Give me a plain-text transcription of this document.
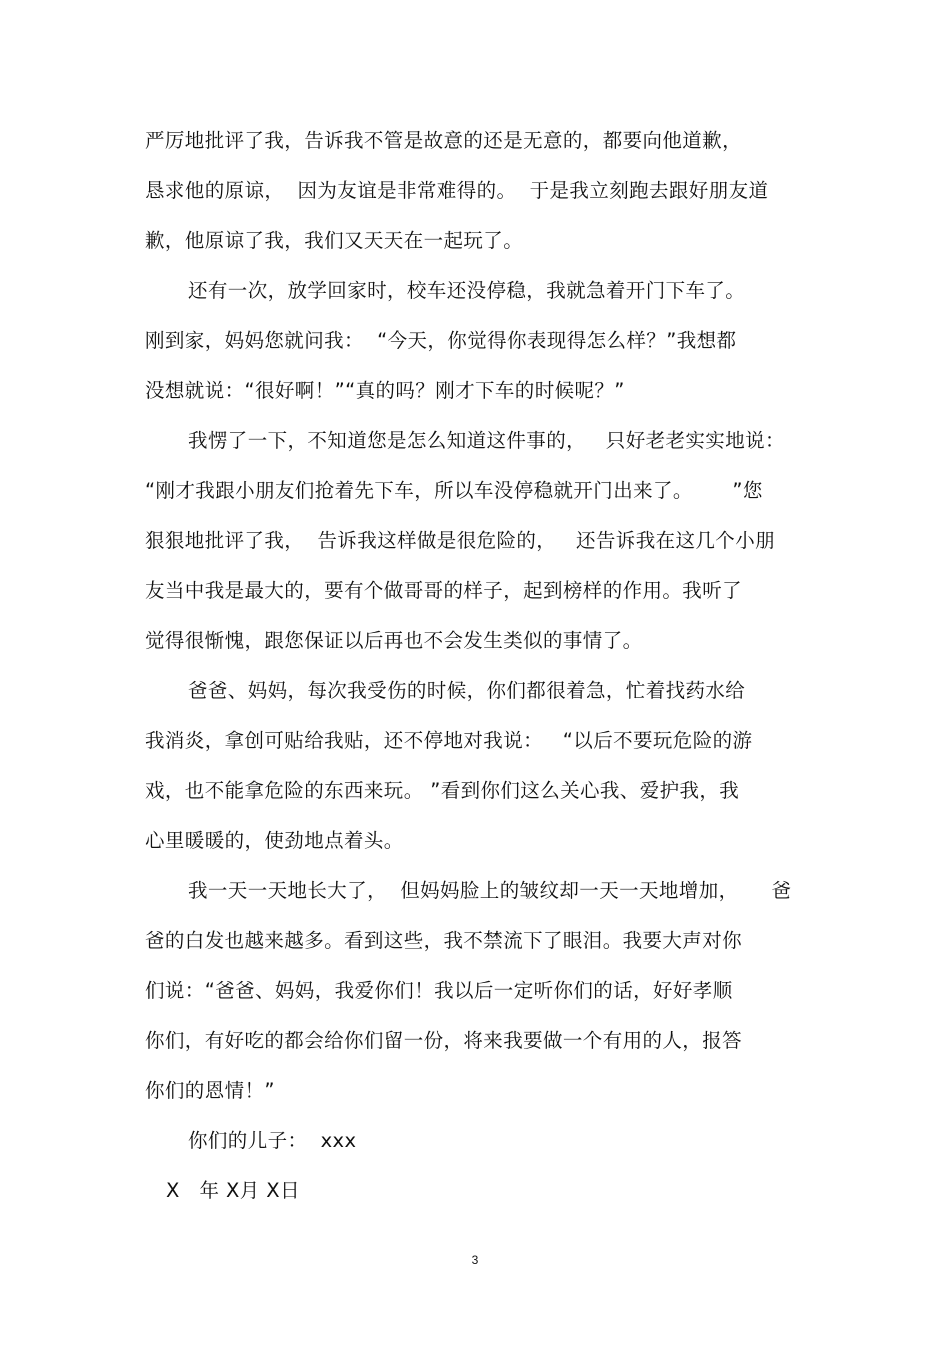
严厉地批评了我，告诉我不管是故意的还是无意的，都要向他道歉，
恳求他的原谅，  因为友谊是非常难得的。  于是我立刻跑去跟好朋友道
歉，他原谅了我，我们又天天在一起玩了。
还有一次，放学回家时，校车还没停稳，我就急着开门下车了。
刚到家，妈妈您就问我：  “今天，你觉得你表现得怎么样？”我想都
没想就说：“很好啊！”“真的吗？刚才下车的时候呢？”
我愣了一下，不知道您是怎么知道这件事的，   只好老老实实地说：
“刚才我跟小朋友们抢着先下车，所以车没停稳就开门出来了。      ”您
狠狠地批评了我，  告诉我这样做是很危险的，   还告诉我在这几个小朋
友当中我是最大的，要有个做哥哥的样子，起到榜样的作用。我听了
觉得很惭愧，跟您保证以后再也不会发生类似的事情了。
爸爸、妈妈，每次我受伤的时候，你们都很着急，忙着找药水给
我消炎，拿创可贴给我贴，还不停地对我说：   “以后不要玩危险的游
戏，也不能拿危险的东西来玩。 ”看到你们这么关心我、爱护我，我
心里暖暖的，使劲地点着头。
我一天一天地长大了，  但妈妈脸上的皱纹却一天一天地增加，     爸
爸的白发也越来越多。看到这些，我不禁流下了眼泪。我要大声对你
们说：“爸爸、妈妈，我爱你们！我以后一定听你们的话，好好孝顺
你们，有好吃的都会给你们留一份，将来我要做一个有用的人，报答
你们的恩情！”
你们的儿子：  xxx
X   年 X月 X日
3
